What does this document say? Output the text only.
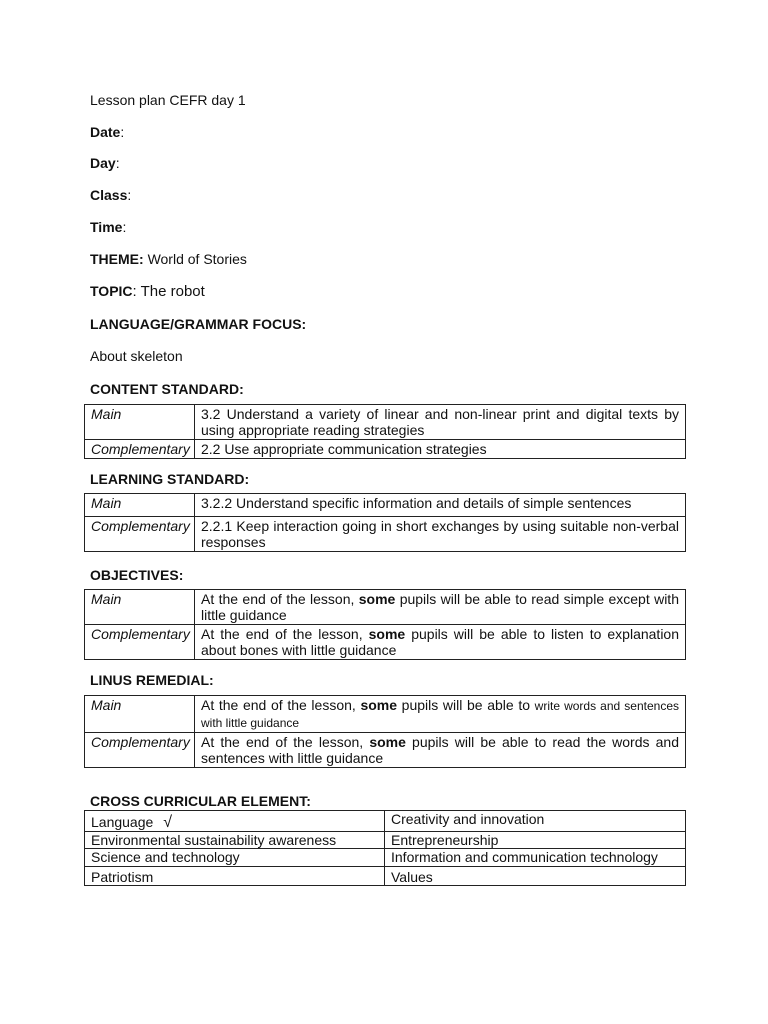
Lesson plan CEFR day 1
Date:
Day:
Class:
Time:
THEME: World of Stories
TOPIC: The robot
LANGUAGE/GRAMMAR FOCUS:
About skeleton
CONTENT STANDARD:
Main	3.2 Understand a variety of linear and non-linear print and digital texts by using appropriate reading strategies
Complementary	2.2 Use appropriate communication strategies
LEARNING STANDARD:
Main	3.2.2 Understand specific information and details of simple sentences
Complementary	2.2.1 Keep interaction going in short exchanges by using suitable non-verbal responses
OBJECTIVES:
Main	At the end of the lesson, some pupils will be able to read simple except with little guidance
Complementary	At the end of the lesson, some pupils will be able to listen to explanation about bones with little guidance
LINUS REMEDIAL:
Main	At the end of the lesson, some pupils will be able to write words and sentences with little guidance
Complementary	At the end of the lesson, some pupils will be able to read the words and sentences with little guidance
CROSS CURRICULAR ELEMENT:
Language √	Creativity and innovation
Environmental sustainability awareness	Entrepreneurship
Science and technology	Information and communication technology
Patriotism	Values
